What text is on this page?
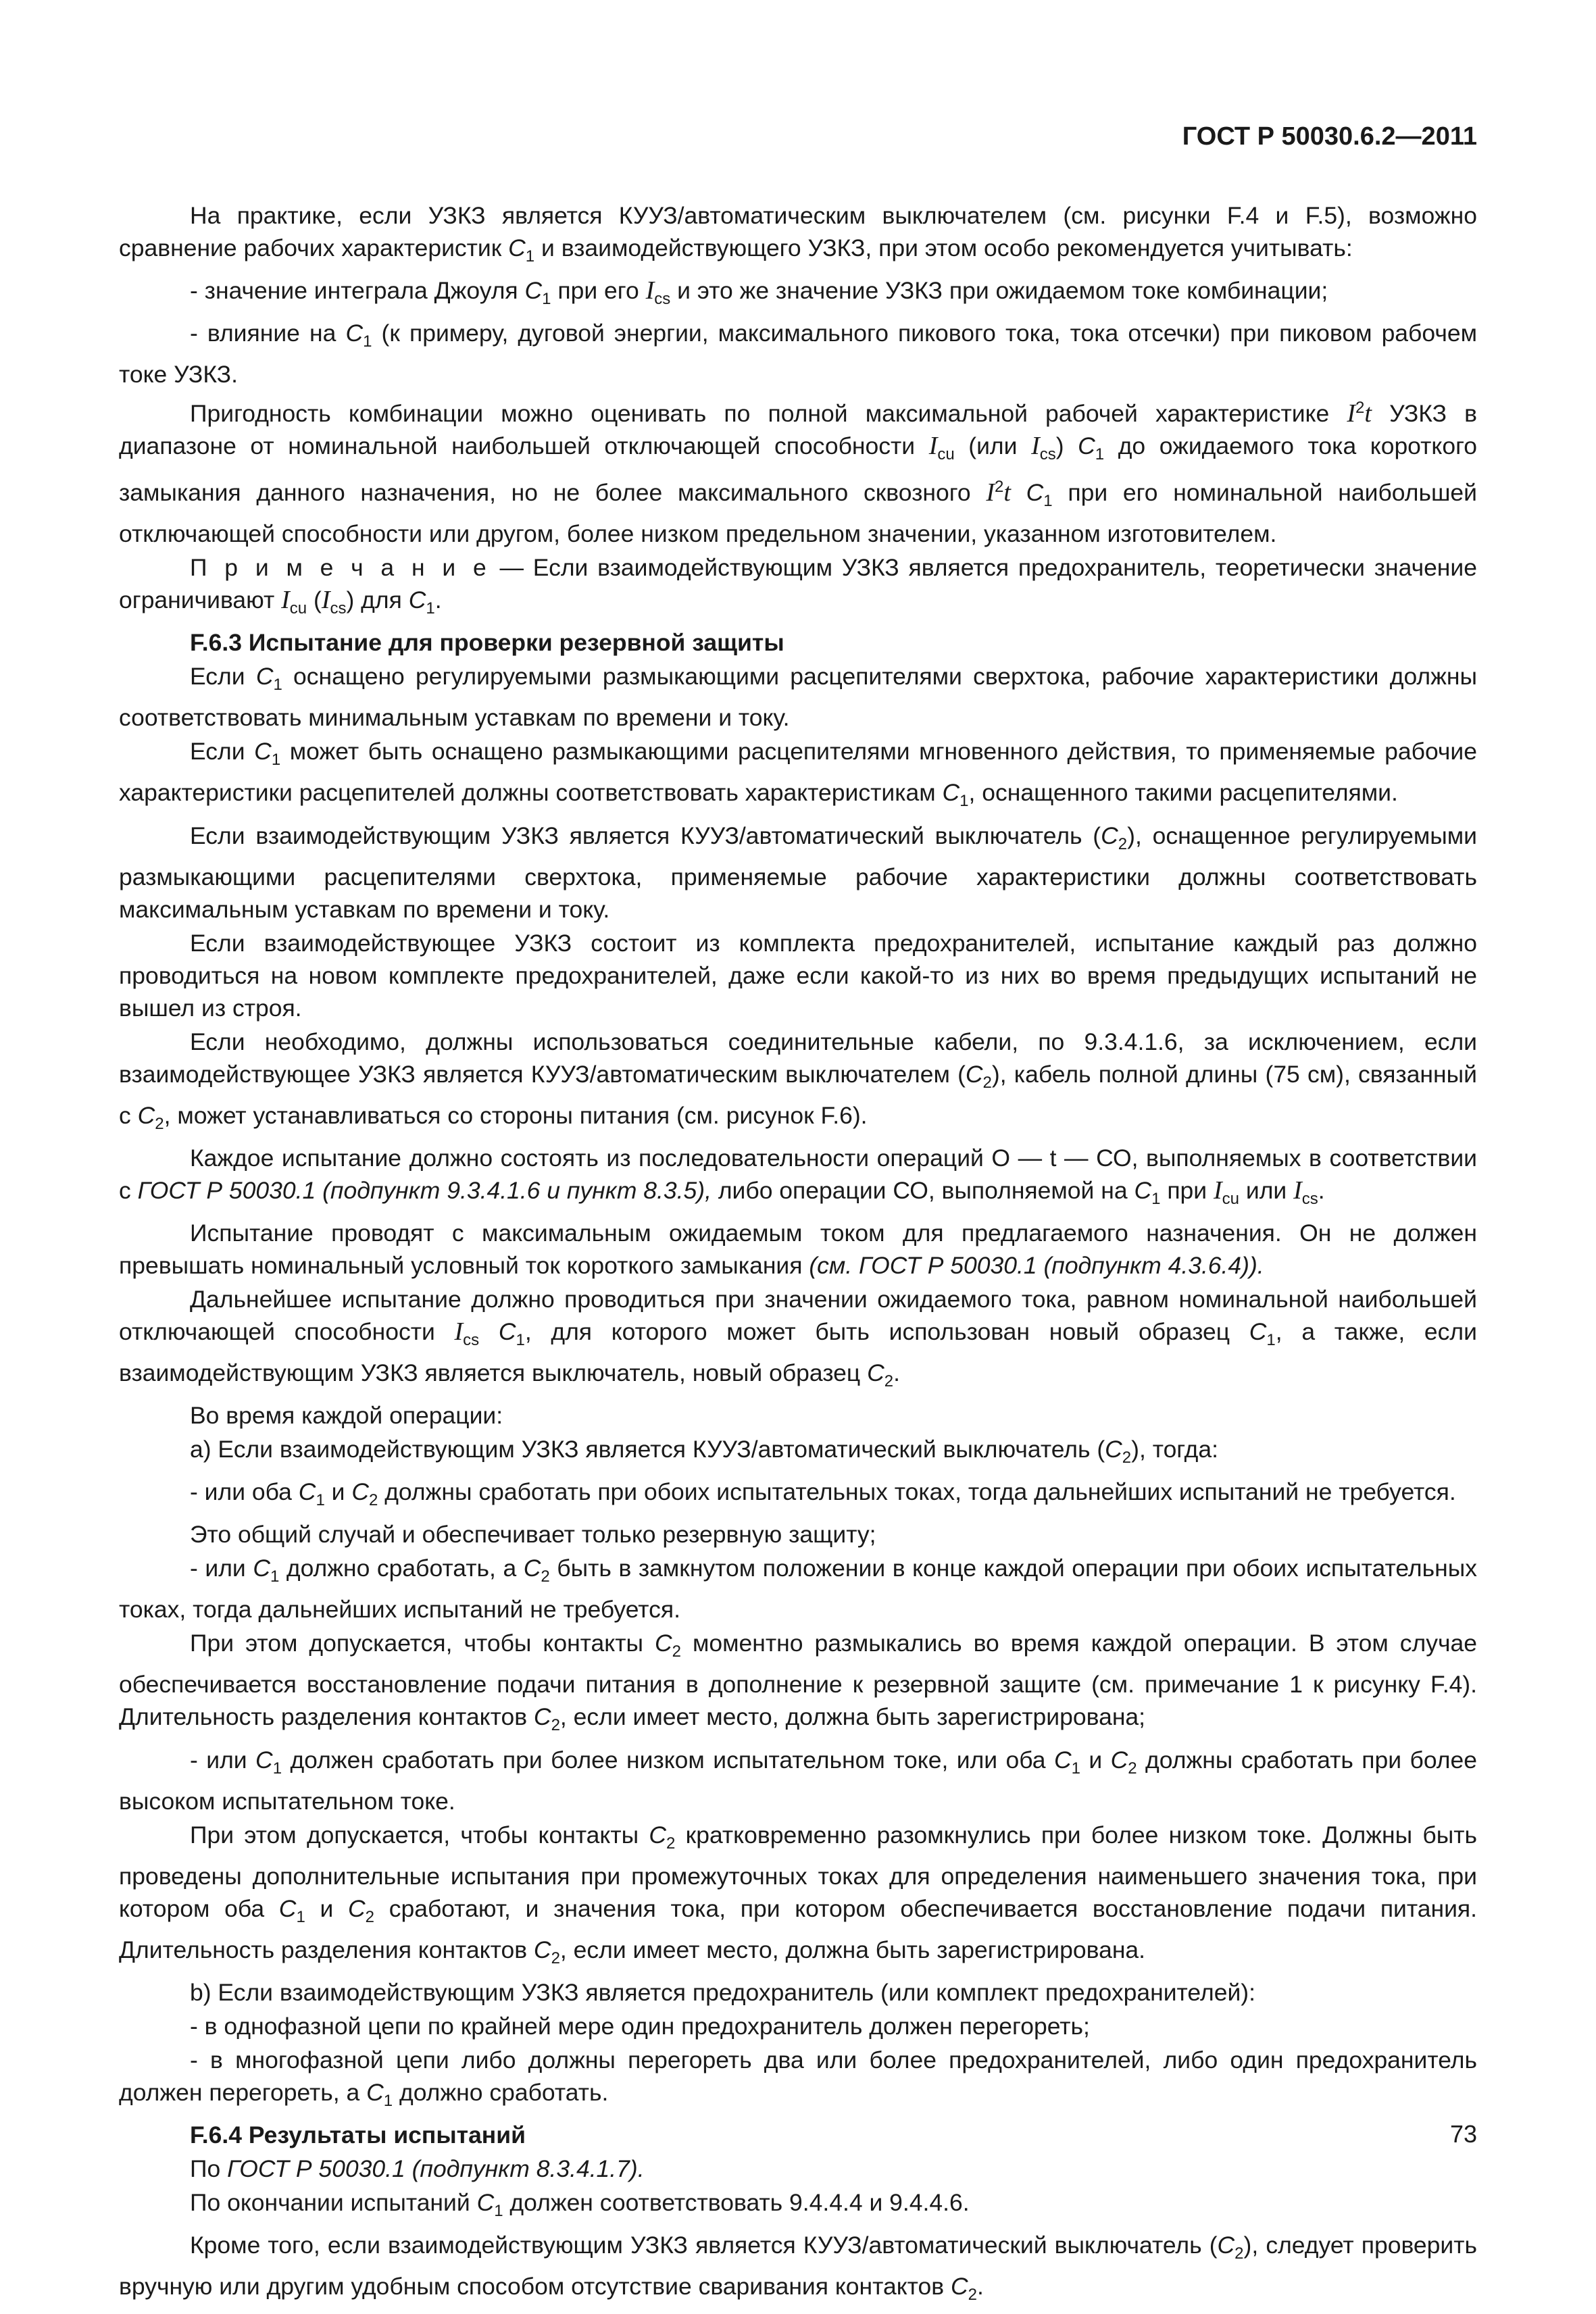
ГОСТ Р 50030.6.2—2011

На практике, если УЗКЗ является КУУЗ/автоматическим выключателем (см. рисунки F.4 и F.5), возможно сравнение рабочих характеристик $C_1$ и взаимодействующего УЗКЗ, при этом особо рекомендуется учитывать:

- значение интеграла Джоуля $C_1$ при его $I_{cs}$ и это же значение УЗКЗ при ожидаемом токе комбинации;

- влияние на $C_1$ (к примеру, дуговой энергии, максимального пикового тока, тока отсечки) при пиковом рабочем токе УЗКЗ.

Пригодность комбинации можно оценивать по полной максимальной рабочей характеристике $I^2t$ УЗКЗ в диапазоне от номинальной наибольшей отключающей способности $I_{cu}$ (или $I_{cs}$) $C_1$ до ожидаемого тока короткого замыкания данного назначения, но не более максимального сквозного $I^2t$ $C_1$ при его номинальной наибольшей отключающей способности или другом, более низком предельном значении, указанном изготовителем.

П р и м е ч а н и е — Если взаимодействующим УЗКЗ является предохранитель, теоретически значение ограничивают $I_{cu}$ $(I_{cs})$ для $C_1$.

F.6.3 Испытание для проверки резервной защиты

Если $C_1$ оснащено регулируемыми размыкающими расцепителями сверхтока, рабочие характеристики должны соответствовать минимальным уставкам по времени и току.

Если $C_1$ может быть оснащено размыкающими расцепителями мгновенного действия, то применяемые рабочие характеристики расцепителей должны соответствовать характеристикам $C_1$, оснащенного такими расцепителями.

Если взаимодействующим УЗКЗ является КУУЗ/автоматический выключатель $(C_2)$, оснащенное регулируемыми размыкающими расцепителями сверхтока, применяемые рабочие характеристики должны соответствовать максимальным уставкам по времени и току.

Если взаимодействующее УЗКЗ состоит из комплекта предохранителей, испытание каждый раз должно проводиться на новом комплекте предохранителей, даже если какой-то из них во время предыдущих испытаний не вышел из строя.

Если необходимо, должны использоваться соединительные кабели, по 9.3.4.1.6, за исключением, если взаимодействующее УЗКЗ является КУУЗ/автоматическим выключателем $(C_2)$, кабель полной длины (75 см), связанный с $C_2$, может устанавливаться со стороны питания (см. рисунок F.6).

Каждое испытание должно состоять из последовательности операций О — t — СО, выполняемых в соответствии с ГОСТ Р 50030.1 (подпункт 9.3.4.1.6 и пункт 8.3.5), либо операции СО, выполняемой на $C_1$ при $I_{cu}$ или $I_{cs}$.

Испытание проводят с максимальным ожидаемым током для предлагаемого назначения. Он не должен превышать номинальный условный ток короткого замыкания (см. ГОСТ Р 50030.1 (подпункт 4.3.6.4)).

Дальнейшее испытание должно проводиться при значении ожидаемого тока, равном номинальной наибольшей отключающей способности $I_{cs}$ $C_1$, для которого может быть использован новый образец $C_1$, а также, если взаимодействующим УЗКЗ является выключатель, новый образец $C_2$.

Во время каждой операции:

а) Если взаимодействующим УЗКЗ является КУУЗ/автоматический выключатель $(C_2)$, тогда:

- или оба $C_1$ и $C_2$ должны сработать при обоих испытательных токах, тогда дальнейших испытаний не требуется.

Это общий случай и обеспечивает только резервную защиту;

- или $C_1$ должно сработать, а $C_2$ быть в замкнутом положении в конце каждой операции при обоих испытательных токах, тогда дальнейших испытаний не требуется.

При этом допускается, чтобы контакты $C_2$ моментно размыкались во время каждой операции. В этом случае обеспечивается восстановление подачи питания в дополнение к резервной защите (см. примечание 1 к рисунку F.4). Длительность разделения контактов $C_2$, если имеет место, должна быть зарегистрирована;

- или $C_1$ должен сработать при более низком испытательном токе, или оба $C_1$ и $C_2$ должны сработать при более высоком испытательном токе.

При этом допускается, чтобы контакты $C_2$ кратковременно разомкнулись при более низком токе. Должны быть проведены дополнительные испытания при промежуточных токах для определения наименьшего значения тока, при котором оба $C_1$ и $C_2$ сработают, и значения тока, при котором обеспечивается восстановление подачи питания. Длительность разделения контактов $C_2$, если имеет место, должна быть зарегистрирована.

b) Если взаимодействующим УЗКЗ является предохранитель (или комплект предохранителей):

- в однофазной цепи по крайней мере один предохранитель должен перегореть;

- в многофазной цепи либо должны перегореть два или более предохранителей, либо один предохранитель должен перегореть, а $C_1$ должно сработать.

F.6.4 Результаты испытаний

По ГОСТ Р 50030.1 (подпункт 8.3.4.1.7).

По окончании испытаний $C_1$ должен соответствовать 9.4.4.4 и 9.4.4.6.

Кроме того, если взаимодействующим УЗКЗ является КУУЗ/автоматический выключатель $(C_2)$, следует проверить вручную или другим удобным способом отсутствие сваривания контактов $C_2$.

73
